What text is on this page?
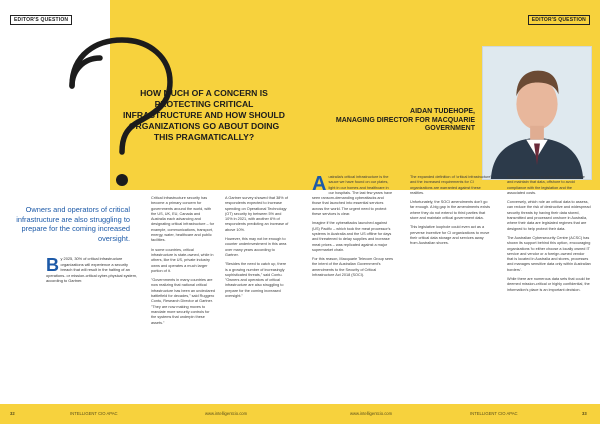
EDITOR'S QUESTION
HOW MUCH OF A CONCERN IS PROTECTING CRITICAL INFRASTRUCTURE AND HOW SHOULD ORGANIZATIONS GO ABOUT DOING THIS PRAGMATICALLY?
Owners and operators of critical infrastructure are also struggling to prepare for the coming increased oversight.
B y 2025, 30% of critical infrastructure organizations will experience a security breach that will result in the halting of an operations- or mission-critical cyber-physical system, according to Gartner.

Critical infrastructure security has become a primary concern for governments around the world, with the US, UK, EU, Canada and Australia each advancing and designating critical infrastructure – for example, communications, transport, energy, water, healthcare and public facilities.

In some countries, critical infrastructure is state-owned, while in others, like the US, private industry owns and operates a much larger portion of it.

"Governments in many countries are now realizing that national critical infrastructure has been an undeclared battlefield for decades," said Ruggero Contu, Research Director at Gartner. "They are now making moves to mandate more security controls for the systems that underpin these assets."

A Gartner survey showed that 38% of respondents expected to increase spending on Operational Technology (OT) security by between 5% and 10% in 2021, with another 6% of respondents predicting an increase of above 10%.

However, this may not be enough to counter underinvestment in this area over many years according to Gartner.

"Besides the need to catch up, there is a growing number of increasingly sophisticated threats," said Contu. "Owners and operators of critical infrastructure are also struggling to prepare for the coming increased oversight."

EDITOR'S QUESTION
AIDAN TUDEHOPE,
MANAGING DIRECTOR FOR MACQUARIE GOVERNMENT

A ustralia's critical infrastructure is the sauce we have found on our plates, light in our homes and healthcare in our hospitals. The last few years have seen ransom-demanding cyberattacks and those that launched into essential services across the world. The urgent need to protect these services is clear.

Imagine if the cyberattacks launched against (US) Pacific – which took the meat processor's systems in Australia and the US offline for days and threatened to delay supplies and increase meat prices – was replicated against a major supermarket chain.

For this reason, Macquarie Telecom Group sees the intent of the Australian Government's amendments to the Security of Critical Infrastructure Act 2018 (SOCI).

The expanded definition of 'critical infrastructure' and the increased requirements for CI organizations are warranted against these realities.

Unfortunately, the SOCI amendments don't go far enough. A big gap in the amendments exists where they do not extend to third parties that store and maintain critical government data.

This legislative loophole could even act as a perverse incentive for CI organizations to move their critical data storage and services away from Australian shores.

Storage, and/or the suppliers they use to store and maintain that data, offshore to avoid compliance with the legislation and the associated costs.

Conversely, which role an critical data to assess, can reduce the risk of destructive and widespread security threats by having their data stored, transmitted and processed onshore in Australia, where their data are legislated regimes that are designed to help protect their data.

The Australian Cybersecurity Centre (ACSC) has shown its support behind this option, encouraging organizations 'to either choose a locally owned IT service and vendor or a foreign-owned vendor that is located in Australia and stores, processes and manages sensitive data only within Australian borders'.

While there are numerous data sets that could be deemed mission-critical or highly confidential, the information's place is an important decision.

32	INTELLIGENT CIO APAC	www.intelligentcio.com	www.intelligentcio.com	INTELLIGENT CIO APAC	33
